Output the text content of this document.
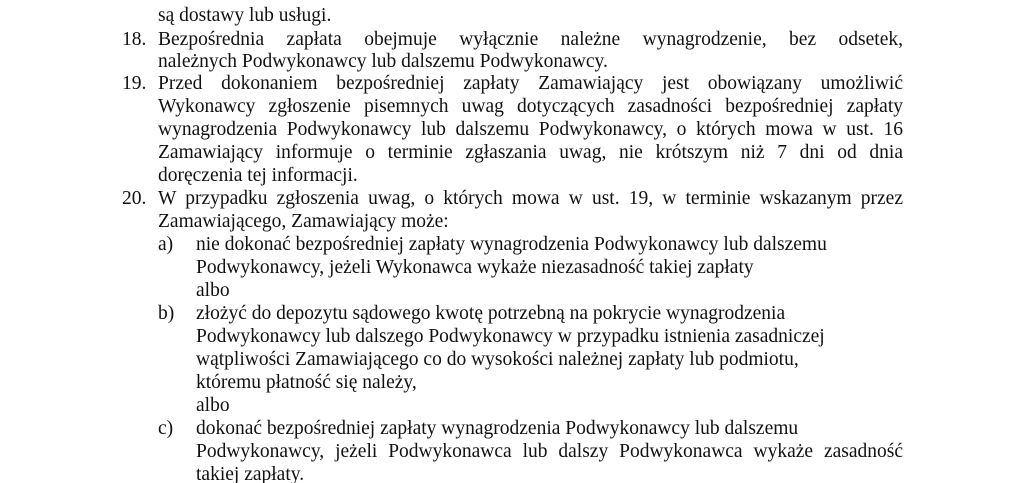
są dostawy lub usługi.
18. Bezpośrednia zapłata obejmuje wyłącznie należne wynagrodzenie, bez odsetek,
należnych Podwykonawcy lub dalszemu Podwykonawcy.
19. Przed dokonaniem bezpośredniej zapłaty Zamawiający jest obowiązany umożliwić
Wykonawcy zgłoszenie pisemnych uwag dotyczących zasadności bezpośredniej zapłaty
wynagrodzenia Podwykonawcy lub dalszemu Podwykonawcy, o których mowa w ust. 16
Zamawiający informuje o terminie zgłaszania uwag, nie krótszym niż 7 dni od dnia
doręczenia tej informacji.
20. W przypadku zgłoszenia uwag, o których mowa w ust. 19, w terminie wskazanym przez
Zamawiającego, Zamawiający może:
a) nie dokonać bezpośredniej zapłaty wynagrodzenia Podwykonawcy lub dalszemu
Podwykonawcy, jeżeli Wykonawca wykaże niezasadność takiej zapłaty
albo
b) złożyć do depozytu sądowego kwotę potrzebną na pokrycie wynagrodzenia
Podwykonawcy lub dalszego Podwykonawcy w przypadku istnienia zasadniczej
wątpliwości Zamawiającego co do wysokości należnej zapłaty lub podmiotu,
któremu płatność się należy,
albo
c) dokonać bezpośredniej zapłaty wynagrodzenia Podwykonawcy lub dalszemu
Podwykonawcy, jeżeli Podwykonawca lub dalszy Podwykonawca wykaże zasadność
takiej zapłaty.
